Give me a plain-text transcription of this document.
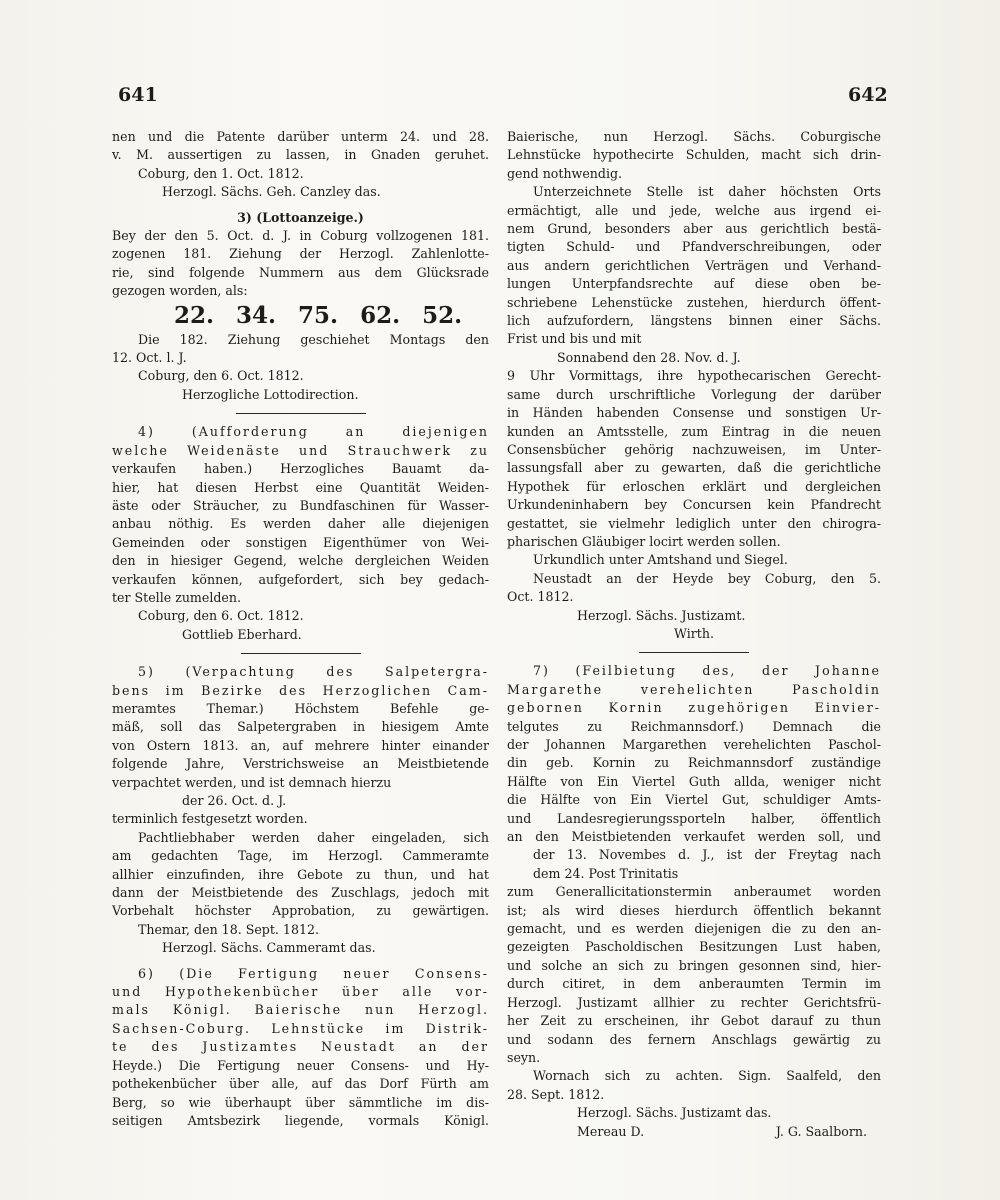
641	642
nen und die Patente darüber unterm 24. und 28.
v. M. aussertigen zu lassen, in Gnaden geruhet.
Coburg, den 1. Oct. 1812.
Herzogl. Sächs. Geh. Canzley das.
3) (Lottoanzeige.)
Bey der den 5. Oct. d. J. in Coburg vollzogenen 181.
zogenen 181. Ziehung der Herzogl. Zahlenlotte-
rie, sind folgende Nummern aus dem Glücksrade
gezogen worden, als:
22. 34. 75. 62. 52.
Die 182. Ziehung geschiehet Montags den
12. Oct. l. J.
Coburg, den 6. Oct. 1812.
Herzogliche Lottodirection.
4) (Aufforderung an diejenigen
welche Weidenäste und Strauchwerk zu
verkaufen haben.) Herzogliches Bauamt da-
hier, hat diesen Herbst eine Quantität Weiden-
äste oder Sträucher, zu Bundfaschinen für Wasser-
anbau nöthig. Es werden daher alle diejenigen
Gemeinden oder sonstigen Eigenthümer von Wei-
den in hiesiger Gegend, welche dergleichen Weiden
verkaufen können, aufgefordert, sich bey gedach-
ter Stelle zumelden.
Coburg, den 6. Oct. 1812.
Gottlieb Eberhard.
5) (Verpachtung des Salpetergra-
bens im Bezirke des Herzoglichen Cam-
meramtes Themar.) Höchstem Befehle ge-
mäß, soll das Salpetergraben in hiesigem Amte
von Ostern 1813. an, auf mehrere hinter einander
folgende Jahre, Verstrichsweise an Meistbietende
verpachtet werden, und ist demnach hierzu
der 26. Oct. d. J.
terminlich festgesetzt worden.
Pachtliebhaber werden daher eingeladen, sich
am gedachten Tage, im Herzogl. Cammeramte
allhier einzufinden, ihre Gebote zu thun, und hat
dann der Meistbietende des Zuschlags, jedoch mit
Vorbehalt höchster Approbation, zu gewärtigen.
Themar, den 18. Sept. 1812.
Herzogl. Sächs. Cammeramt das.
6) (Die Fertigung neuer Consens-
und Hypothekenbücher über alle vor-
mals Königl. Baierische nun Herzogl.
Sachsen-Coburg. Lehnstücke im Distrik-
te des Justizamtes Neustadt an der
Heyde.) Die Fertigung neuer Consens- und Hy-
pothekenbücher über alle, auf das Dorf Fürth am
Berg, so wie überhaupt über sämmtliche im dis-
seitigen Amtsbezirk liegende, vormals Königl.
Baierische, nun Herzogl. Sächs. Coburgische
Lehnstücke hypothecirte Schulden, macht sich drin-
gend nothwendig.
Unterzeichnete Stelle ist daher höchsten Orts
ermächtigt, alle und jede, welche aus irgend ei-
nem Grund, besonders aber aus gerichtlich bestä-
tigten Schuld- und Pfandverschreibungen, oder
aus andern gerichtlichen Verträgen und Verhand-
lungen Unterpfandsrechte auf diese oben be-
schriebene Lehenstücke zustehen, hierdurch öffent-
lich aufzufordern, längstens binnen einer Sächs.
Frist und bis und mit
Sonnabend den 28. Nov. d. J.
9 Uhr Vormittags, ihre hypothecarischen Gerecht-
same durch urschriftliche Vorlegung der darüber
in Händen habenden Consense und sonstigen Ur-
kunden an Amtsstelle, zum Eintrag in die neuen
Consensbücher gehörig nachzuweisen, im Unter-
lassungsfall aber zu gewarten, daß die gerichtliche
Hypothek für erloschen erklärt und dergleichen
Urkundeninhabern bey Concursen kein Pfandrecht
gestattet, sie vielmehr lediglich unter den chirogra-
pharischen Gläubiger locirt werden sollen.
Urkundlich unter Amtshand und Siegel.
Neustadt an der Heyde bey Coburg, den 5.
Oct. 1812.
Herzogl. Sächs. Justizamt.
Wirth.
7) (Feilbietung des, der Johanne
Margarethe verehelichten Pascholdin
gebornen Kornin zugehörigen Einvier-
telgutes zu Reichmannsdorf.) Demnach die
der Johannen Margarethen verehelichten Paschol-
din geb. Kornin zu Reichmannsdorf zuständige
Hälfte von Ein Viertel Guth allda, weniger nicht
die Hälfte von Ein Viertel Gut, schuldiger Amts-
und Landesregierungssporteln halber, öffentlich
an den Meistbietenden verkaufet werden soll, und
der 13. Novembes d. J., ist der Freytag nach
dem 24. Post Trinitatis
zum Generallicitationstermin anberaumet worden
ist; als wird dieses hierdurch öffentlich bekannt
gemacht, und es werden diejenigen die zu den an-
gezeigten Pascholdischen Besitzungen Lust haben,
und solche an sich zu bringen gesonnen sind, hier-
durch citiret, in dem anberaumten Termin im
Herzogl. Justizamt allhier zu rechter Gerichtsfrü-
her Zeit zu erscheinen, ihr Gebot darauf zu thun
und sodann des fernern Anschlags gewärtig zu
seyn.
Wornach sich zu achten. Sign. Saalfeld, den
28. Sept. 1812.
Herzogl. Sächs. Justizamt das.
Mereau D.	J. G. Saalborn.
